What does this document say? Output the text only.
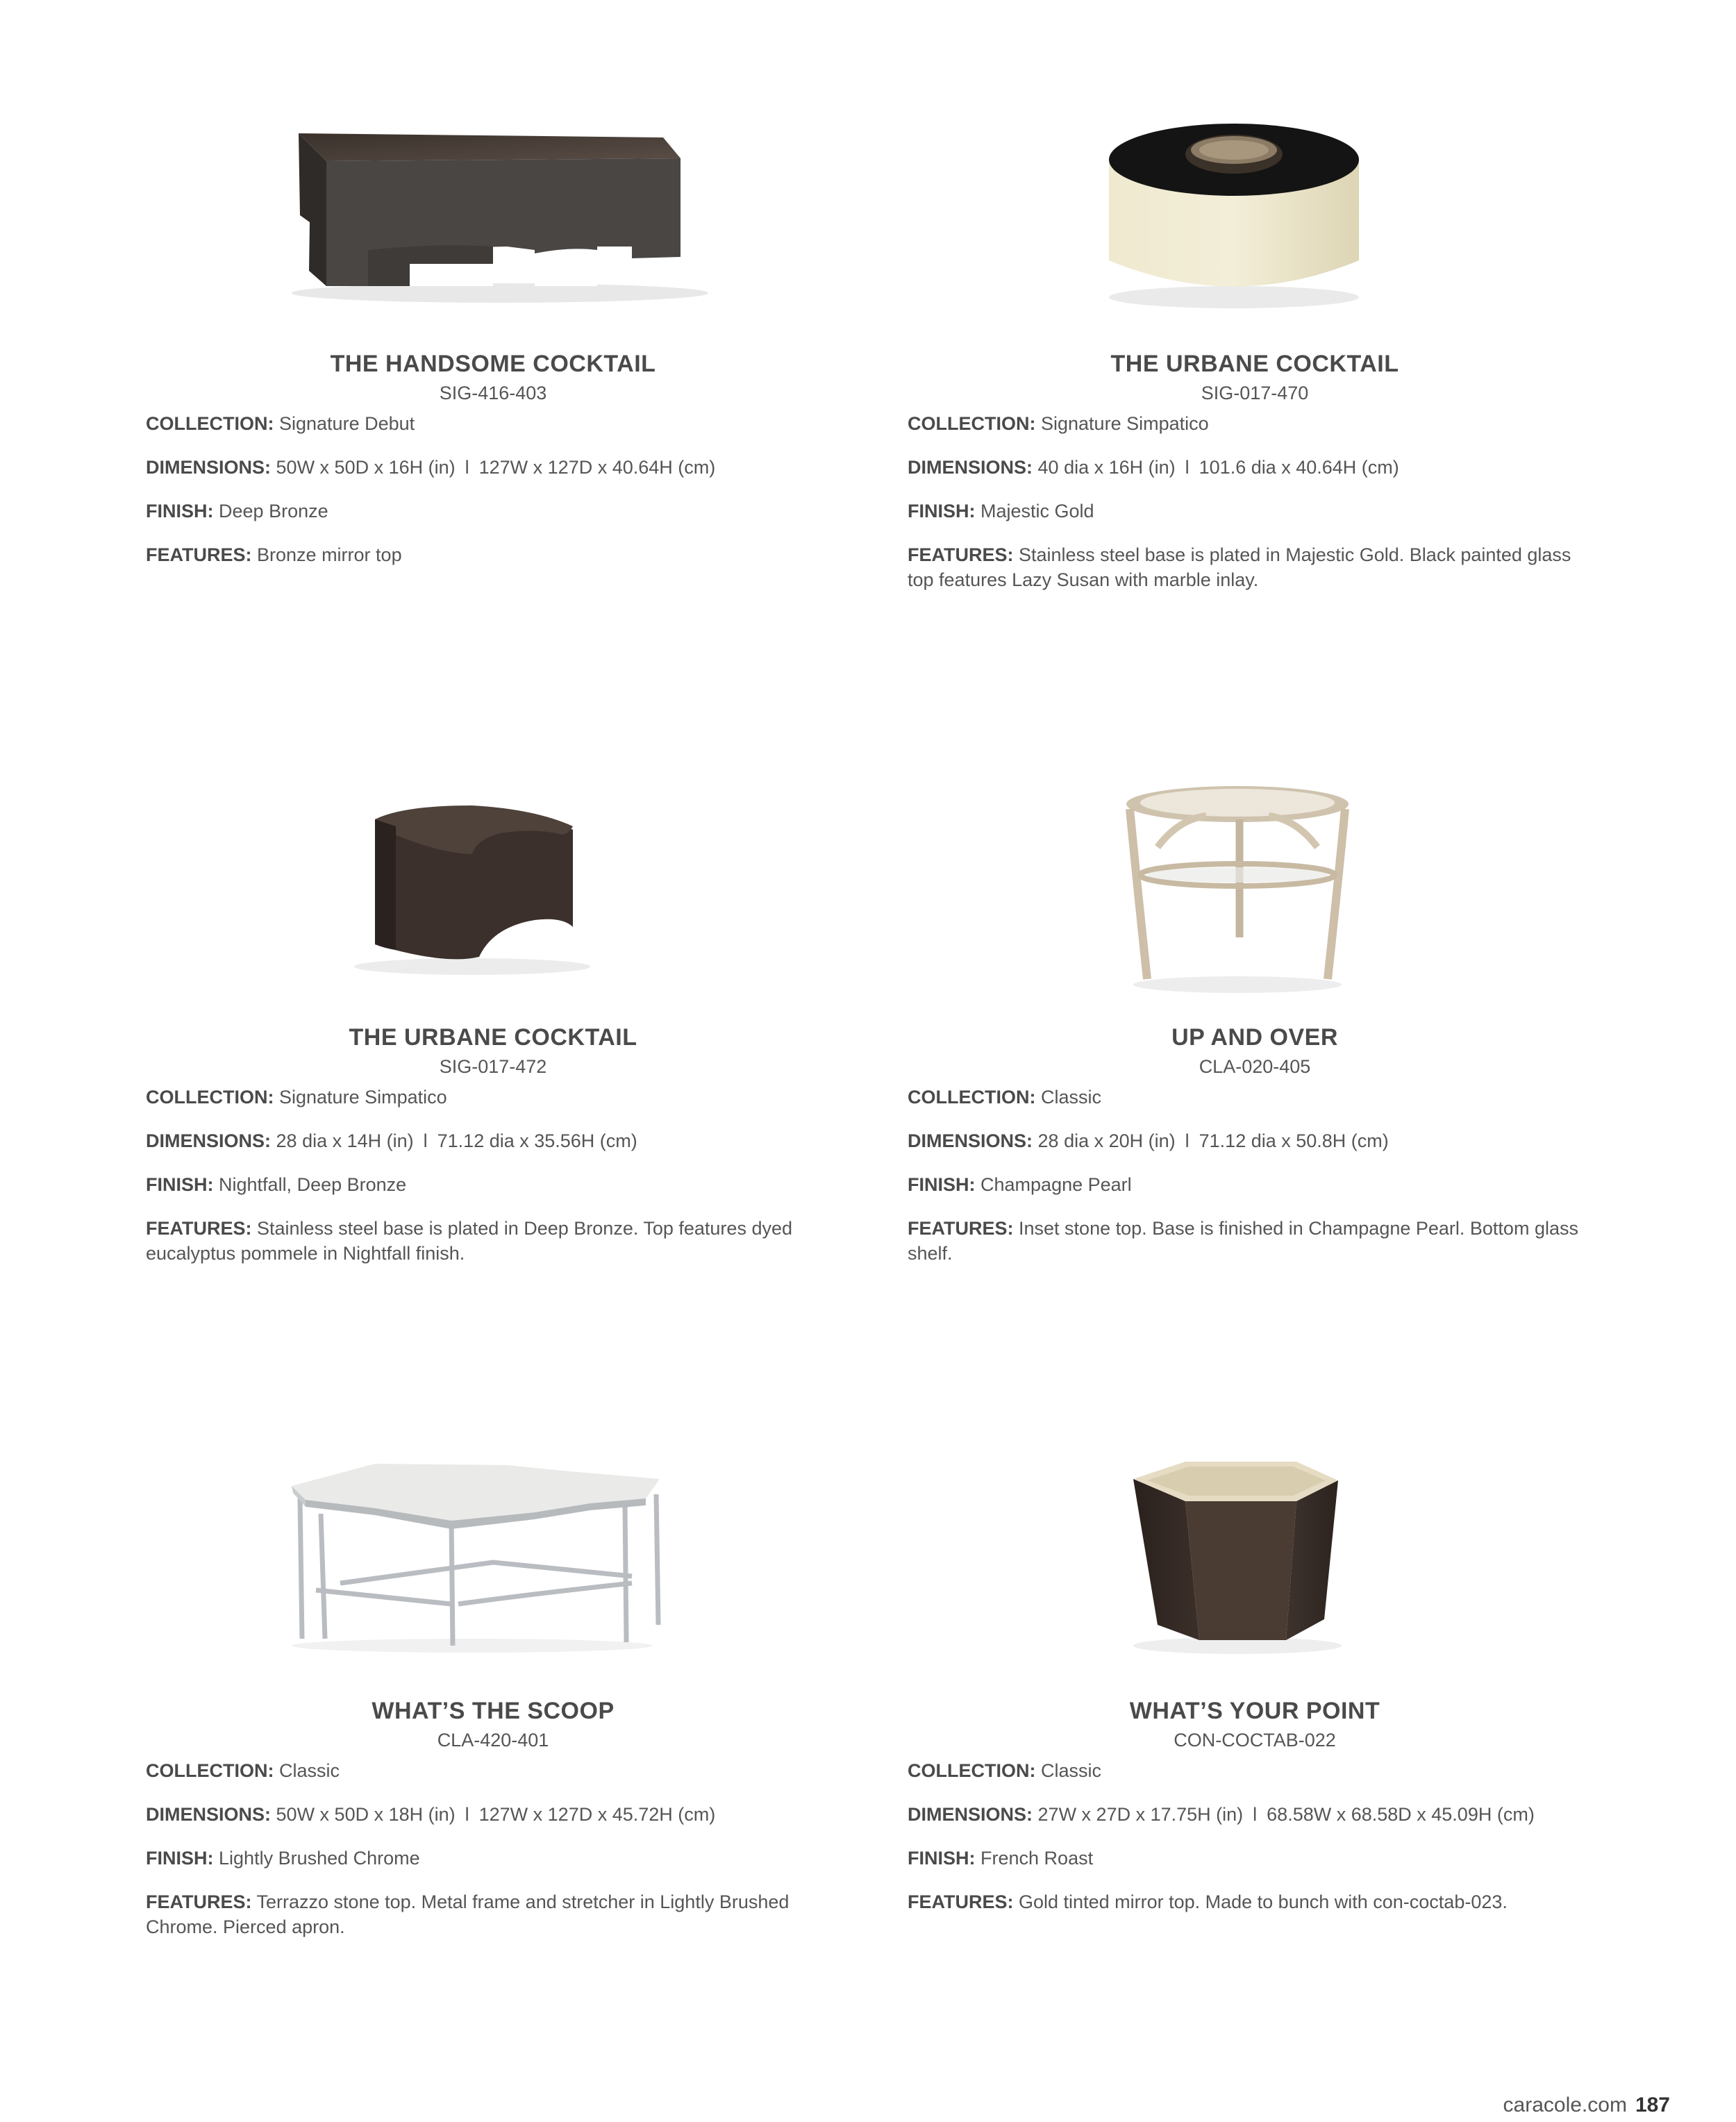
THE HANDSOME COCKTAIL
SIG-416-403
COLLECTION: Signature Debut
DIMENSIONS: 50W x 50D x 16H (in) l 127W x 127D x 40.64H (cm)
FINISH: Deep Bronze
FEATURES: Bronze mirror top
THE URBANE COCKTAIL
SIG-017-470
COLLECTION: Signature Simpatico
DIMENSIONS: 40 dia x 16H (in) l 101.6 dia x 40.64H (cm)
FINISH: Majestic Gold
FEATURES: Stainless steel base is plated in Majestic Gold. Black painted glass top features Lazy Susan with marble inlay.
THE URBANE COCKTAIL
SIG-017-472
COLLECTION: Signature Simpatico
DIMENSIONS: 28 dia x 14H (in) l 71.12 dia x 35.56H (cm)
FINISH: Nightfall, Deep Bronze
FEATURES: Stainless steel base is plated in Deep Bronze. Top features dyed eucalyptus pommele in Nightfall finish.
UP AND OVER
CLA-020-405
COLLECTION: Classic
DIMENSIONS: 28 dia x 20H (in) l 71.12 dia x 50.8H (cm)
FINISH: Champagne Pearl
FEATURES: Inset stone top. Base is finished in Champagne Pearl. Bottom glass shelf.
WHAT’S THE SCOOP
CLA-420-401
COLLECTION: Classic
DIMENSIONS: 50W x 50D x 18H (in) l 127W x 127D x 45.72H (cm)
FINISH: Lightly Brushed Chrome
FEATURES: Terrazzo stone top. Metal frame and stretcher in Lightly Brushed Chrome. Pierced apron.
WHAT’S YOUR POINT
CON-COCTAB-022
COLLECTION: Classic
DIMENSIONS: 27W x 27D x 17.75H (in) l 68.58W x 68.58D x 45.09H (cm)
FINISH: French Roast
FEATURES: Gold tinted mirror top. Made to bunch with con-coctab-023.
caracole.com 187
